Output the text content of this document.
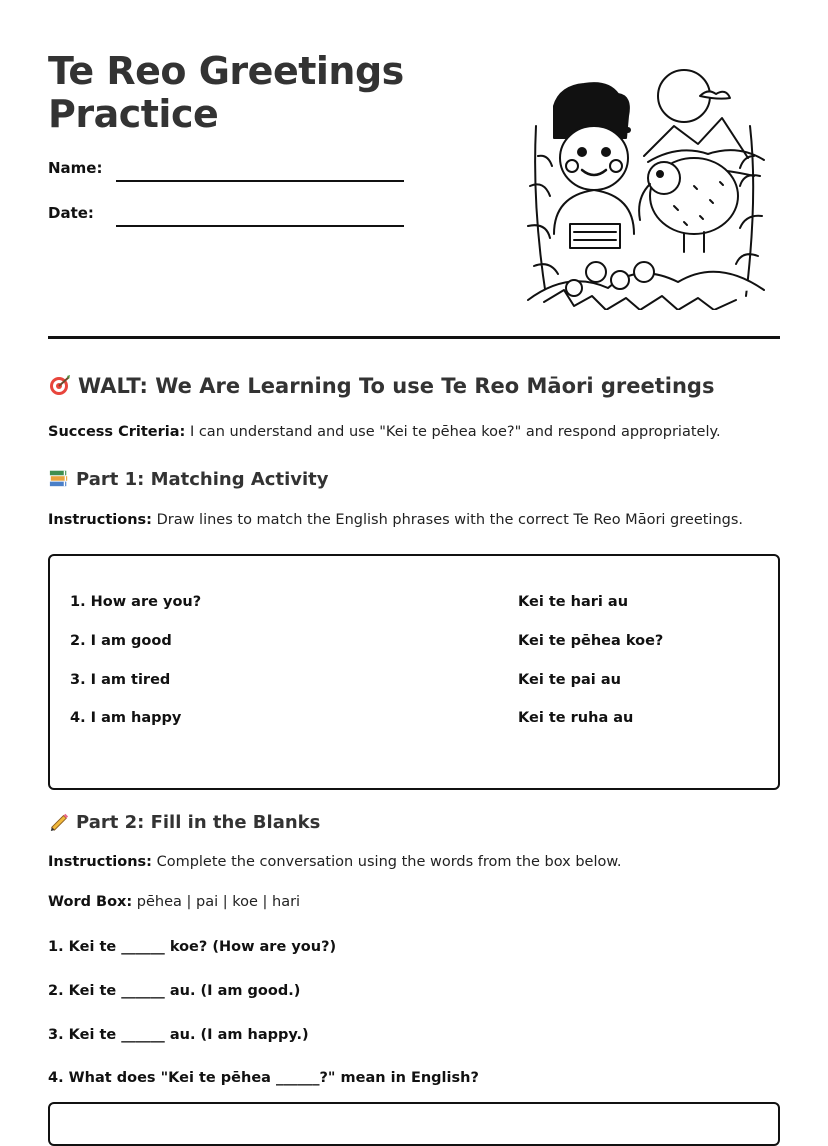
Te Reo Greetings
Practice
Name:
Date:
WALT: We Are Learning To use Te Reo Māori greetings

Success Criteria: I can understand and use "Kei te pēhea koe?" and respond appropriately.

Part 1: Matching Activity

Instructions: Draw lines to match the English phrases with the correct Te Reo Māori greetings.

1. How are you?
2. I am good
3. I am tired
4. I am happy
Kei te hari au
Kei te pēhea koe?
Kei te pai au
Kei te ruha au
Part 2: Fill in the Blanks

Instructions: Complete the conversation using the words from the box below.

Word Box: pēhea | pai | koe | hari

1. Kei te ______ koe? (How are you?)
2. Kei te ______ au. (I am good.)
3. Kei te ______ au. (I am happy.)
4. What does "Kei te pēhea ______?" mean in English?
